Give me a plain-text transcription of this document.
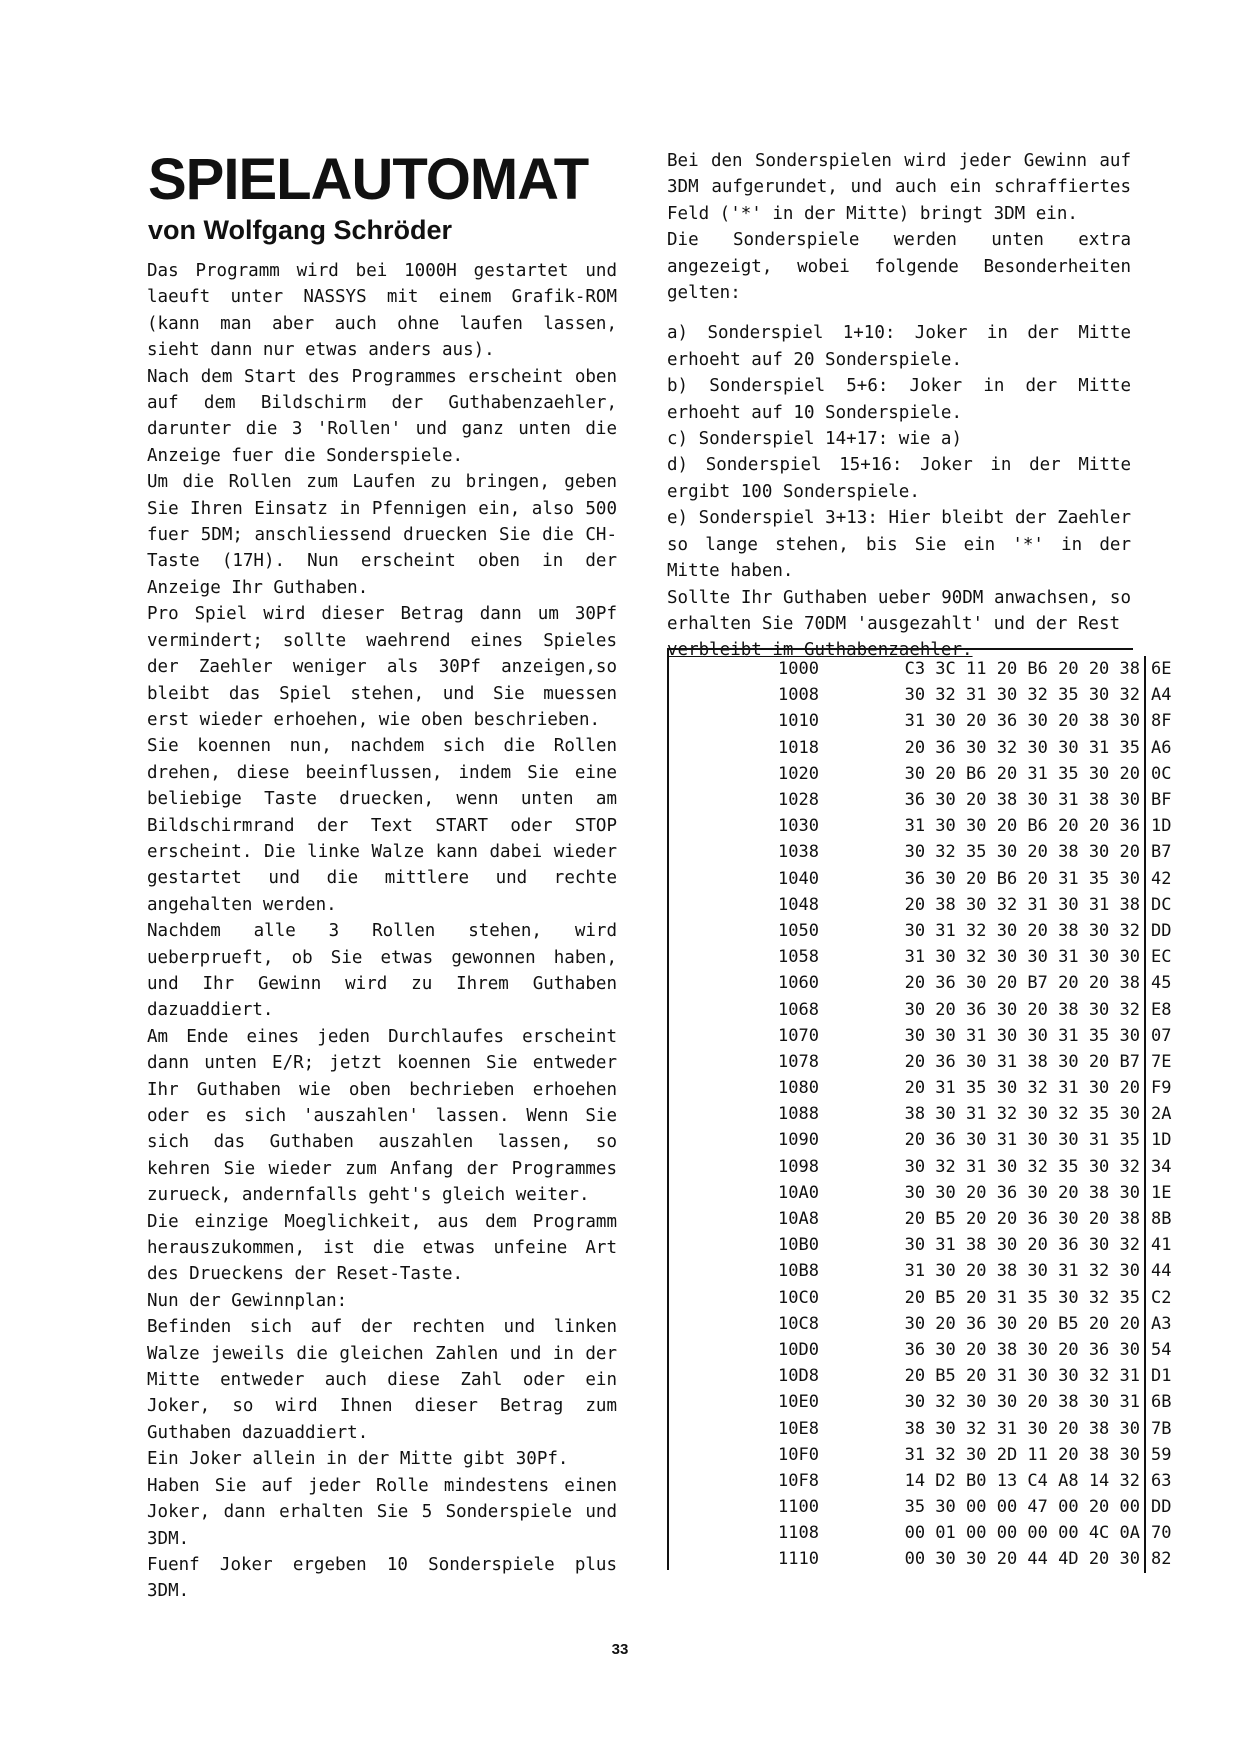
SPIELAUTOMAT
von Wolfgang Schröder

Das Programm wird bei 1000H gestartet und laeuft unter NASSYS mit einem Grafik-ROM (kann man aber auch ohne laufen lassen, sieht dann nur etwas anders aus).

Nach dem Start des Programmes erscheint oben auf dem Bildschirm der Guthabenzaehler, darunter die 3 'Rollen' und ganz unten die Anzeige fuer die Sonderspiele.

Um die Rollen zum Laufen zu bringen, geben Sie Ihren Einsatz in Pfennigen ein, also 500 fuer 5DM; anschliessend druecken Sie die CH-Taste (17H). Nun erscheint oben in der Anzeige Ihr Guthaben.

Pro Spiel wird dieser Betrag dann um 30Pf vermindert; sollte waehrend eines Spieles der Zaehler weniger als 30Pf anzeigen,so bleibt das Spiel stehen, und Sie muessen erst wieder erhoehen, wie oben beschrieben.

Sie koennen nun, nachdem sich die Rollen drehen, diese beeinflussen, indem Sie eine beliebige Taste druecken, wenn unten am Bildschirmrand der Text START oder STOP erscheint. Die linke Walze kann dabei wieder gestartet und die mittlere und rechte angehalten werden.

Nachdem alle 3 Rollen stehen, wird ueberprueft, ob Sie etwas gewonnen haben, und Ihr Gewinn wird zu Ihrem Guthaben dazuaddiert.

Am Ende eines jeden Durchlaufes erscheint dann unten E/R; jetzt koennen Sie entweder Ihr Guthaben wie oben bechrieben erhoehen oder es sich 'auszahlen' lassen. Wenn Sie sich das Guthaben auszahlen lassen, so kehren Sie wieder zum Anfang der Programmes zurueck, andernfalls geht's gleich weiter.

Die einzige Moeglichkeit, aus dem Programm herauszukommen, ist die etwas unfeine Art des Drueckens der Reset-Taste.

Nun der Gewinnplan:

Befinden sich auf der rechten und linken Walze jeweils die gleichen Zahlen und in der Mitte entweder auch diese Zahl oder ein Joker, so wird Ihnen dieser Betrag zum Guthaben dazuaddiert.

Ein Joker allein in der Mitte gibt 30Pf.

Haben Sie auf jeder Rolle mindestens einen Joker, dann erhalten Sie 5 Sonderspiele und 3DM.

Fuenf Joker ergeben 10 Sonderspiele plus 3DM.

Bei den Sonderspielen wird jeder Gewinn auf 3DM aufgerundet, und auch ein schraffiertes Feld ('*' in der Mitte) bringt 3DM ein.

Die Sonderspiele werden unten extra angezeigt, wobei folgende Besonderheiten gelten:

a) Sonderspiel 1+10: Joker in der Mitte erhoeht auf 20 Sonderspiele.

b) Sonderspiel 5+6: Joker in der Mitte erhoeht auf 10 Sonderspiele.

c) Sonderspiel 14+17: wie a)

d) Sonderspiel 15+16: Joker in der Mitte ergibt 100 Sonderspiele.

e) Sonderspiel 3+13: Hier bleibt der Zaehler so lange stehen, bis Sie ein '*' in der Mitte haben.

Sollte Ihr Guthaben ueber 90DM anwachsen, so erhalten Sie 70DM 'ausgezahlt' und der Rest

verbleibt im Guthabenzaehler.

1000	C3 3C 11 20 B6 20 20 38	6E
1008	30 32 31 30 32 35 30 32	A4
1010	31 30 20 36 30 20 38 30	8F
1018	20 36 30 32 30 30 31 35	A6
1020	30 20 B6 20 31 35 30 20	0C
1028	36 30 20 38 30 31 38 30	BF
1030	31 30 30 20 B6 20 20 36	1D
1038	30 32 35 30 20 38 30 20	B7
1040	36 30 20 B6 20 31 35 30	42
1048	20 38 30 32 31 30 31 38	DC
1050	30 31 32 30 20 38 30 32	DD
1058	31 30 32 30 30 31 30 30	EC
1060	20 36 30 20 B7 20 20 38	45
1068	30 20 36 30 20 38 30 32	E8
1070	30 30 31 30 30 31 35 30	07
1078	20 36 30 31 38 30 20 B7	7E
1080	20 31 35 30 32 31 30 20	F9
1088	38 30 31 32 30 32 35 30	2A
1090	20 36 30 31 30 30 31 35	1D
1098	30 32 31 30 32 35 30 32	34
10A0	30 30 20 36 30 20 38 30	1E
10A8	20 B5 20 20 36 30 20 38	8B
10B0	30 31 38 30 20 36 30 32	41
10B8	31 30 20 38 30 31 32 30	44
10C0	20 B5 20 31 35 30 32 35	C2
10C8	30 20 36 30 20 B5 20 20	A3
10D0	36 30 20 38 30 20 36 30	54
10D8	20 B5 20 31 30 30 32 31	D1
10E0	30 32 30 30 20 38 30 31	6B
10E8	38 30 32 31 30 20 38 30	7B
10F0	31 32 30 2D 11 20 38 30	59
10F8	14 D2 B0 13 C4 A8 14 32	63
1100	35 30 00 00 47 00 20 00	DD
1108	00 01 00 00 00 00 4C 0A	70
1110	00 30 30 20 44 4D 20 30	82
33
